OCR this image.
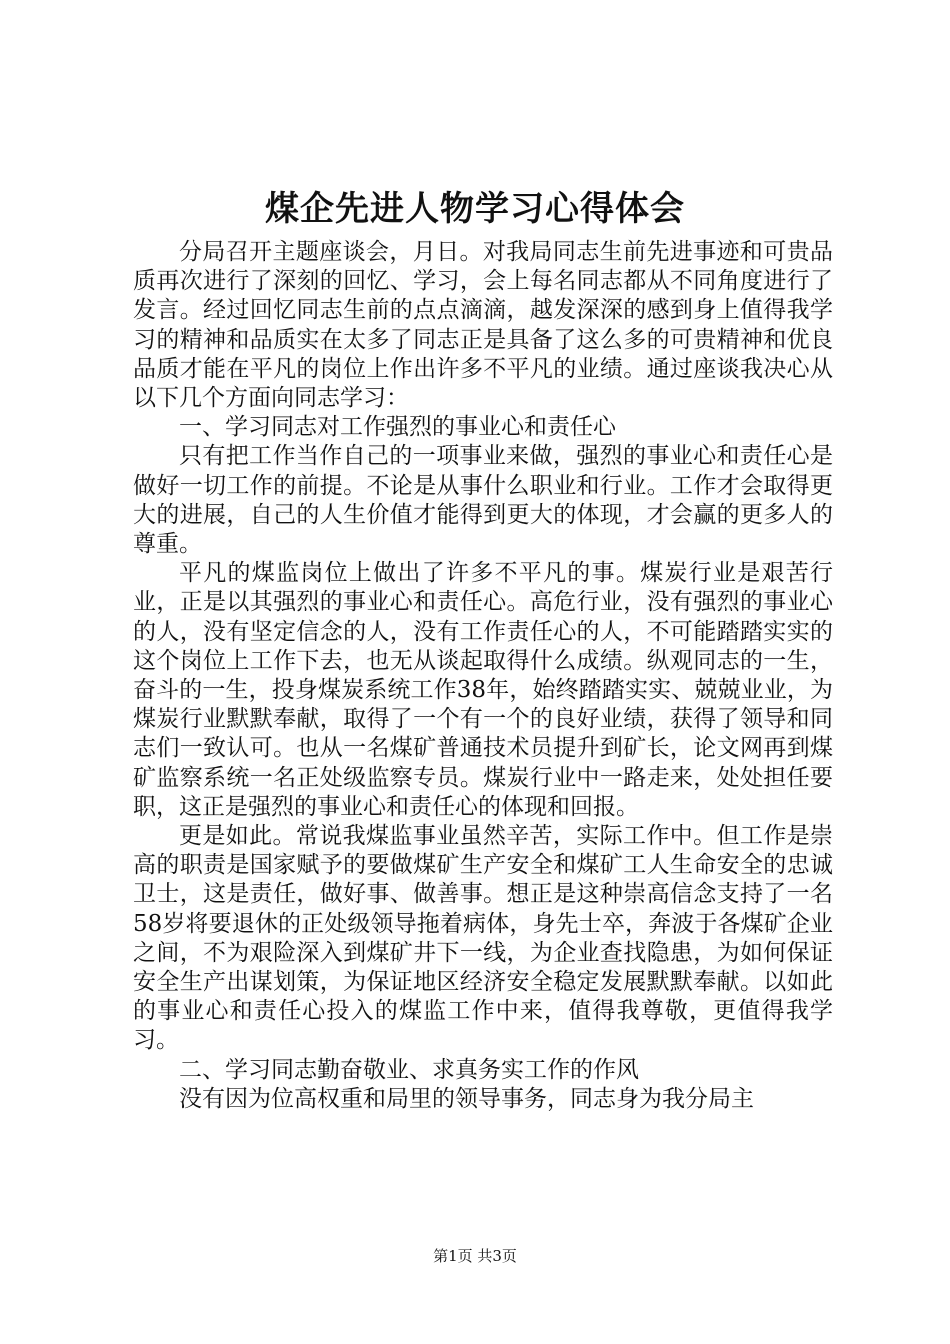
煤企先进人物学习心得体会

分局召开主题座谈会，月日。对我局同志生前先进事迹和可贵品质再次进行了深刻的回忆、学习，会上每名同志都从不同角度进行了发言。经过回忆同志生前的点点滴滴，越发深深的感到身上值得我学习的精神和品质实在太多了同志正是具备了这么多的可贵精神和优良品质才能在平凡的岗位上作出许多不平凡的业绩。通过座谈我决心从以下几个方面向同志学习：

一、学习同志对工作强烈的事业心和责任心

只有把工作当作自己的一项事业来做，强烈的事业心和责任心是做好一切工作的前提。不论是从事什么职业和行业。工作才会取得更大的进展，自己的人生价值才能得到更大的体现，才会赢的更多人的尊重。

平凡的煤监岗位上做出了许多不平凡的事。煤炭行业是艰苦行业，正是以其强烈的事业心和责任心。高危行业，没有强烈的事业心的人，没有坚定信念的人，没有工作责任心的人，不可能踏踏实实的这个岗位上工作下去，也无从谈起取得什么成绩。纵观同志的一生，奋斗的一生，投身煤炭系统工作38年，始终踏踏实实、兢兢业业，为煤炭行业默默奉献，取得了一个有一个的良好业绩，获得了领导和同志们一致认可。也从一名煤矿普通技术员提升到矿长，论文网再到煤矿监察系统一名正处级监察专员。煤炭行业中一路走来，处处担任要职，这正是强烈的事业心和责任心的体现和回报。

更是如此。常说我煤监事业虽然辛苦，实际工作中。但工作是崇高的职责是国家赋予的要做煤矿生产安全和煤矿工人生命安全的忠诚卫士，这是责任，做好事、做善事。想正是这种崇高信念支持了一名58岁将要退休的正处级领导拖着病体，身先士卒，奔波于各煤矿企业之间，不为艰险深入到煤矿井下一线，为企业查找隐患，为如何保证安全生产出谋划策，为保证地区经济安全稳定发展默默奉献。以如此的事业心和责任心投入的煤监工作中来，值得我尊敬，更值得我学习。

二、学习同志勤奋敬业、求真务实工作的作风

没有因为位高权重和局里的领导事务，同志身为我分局主

第1页 共3页
